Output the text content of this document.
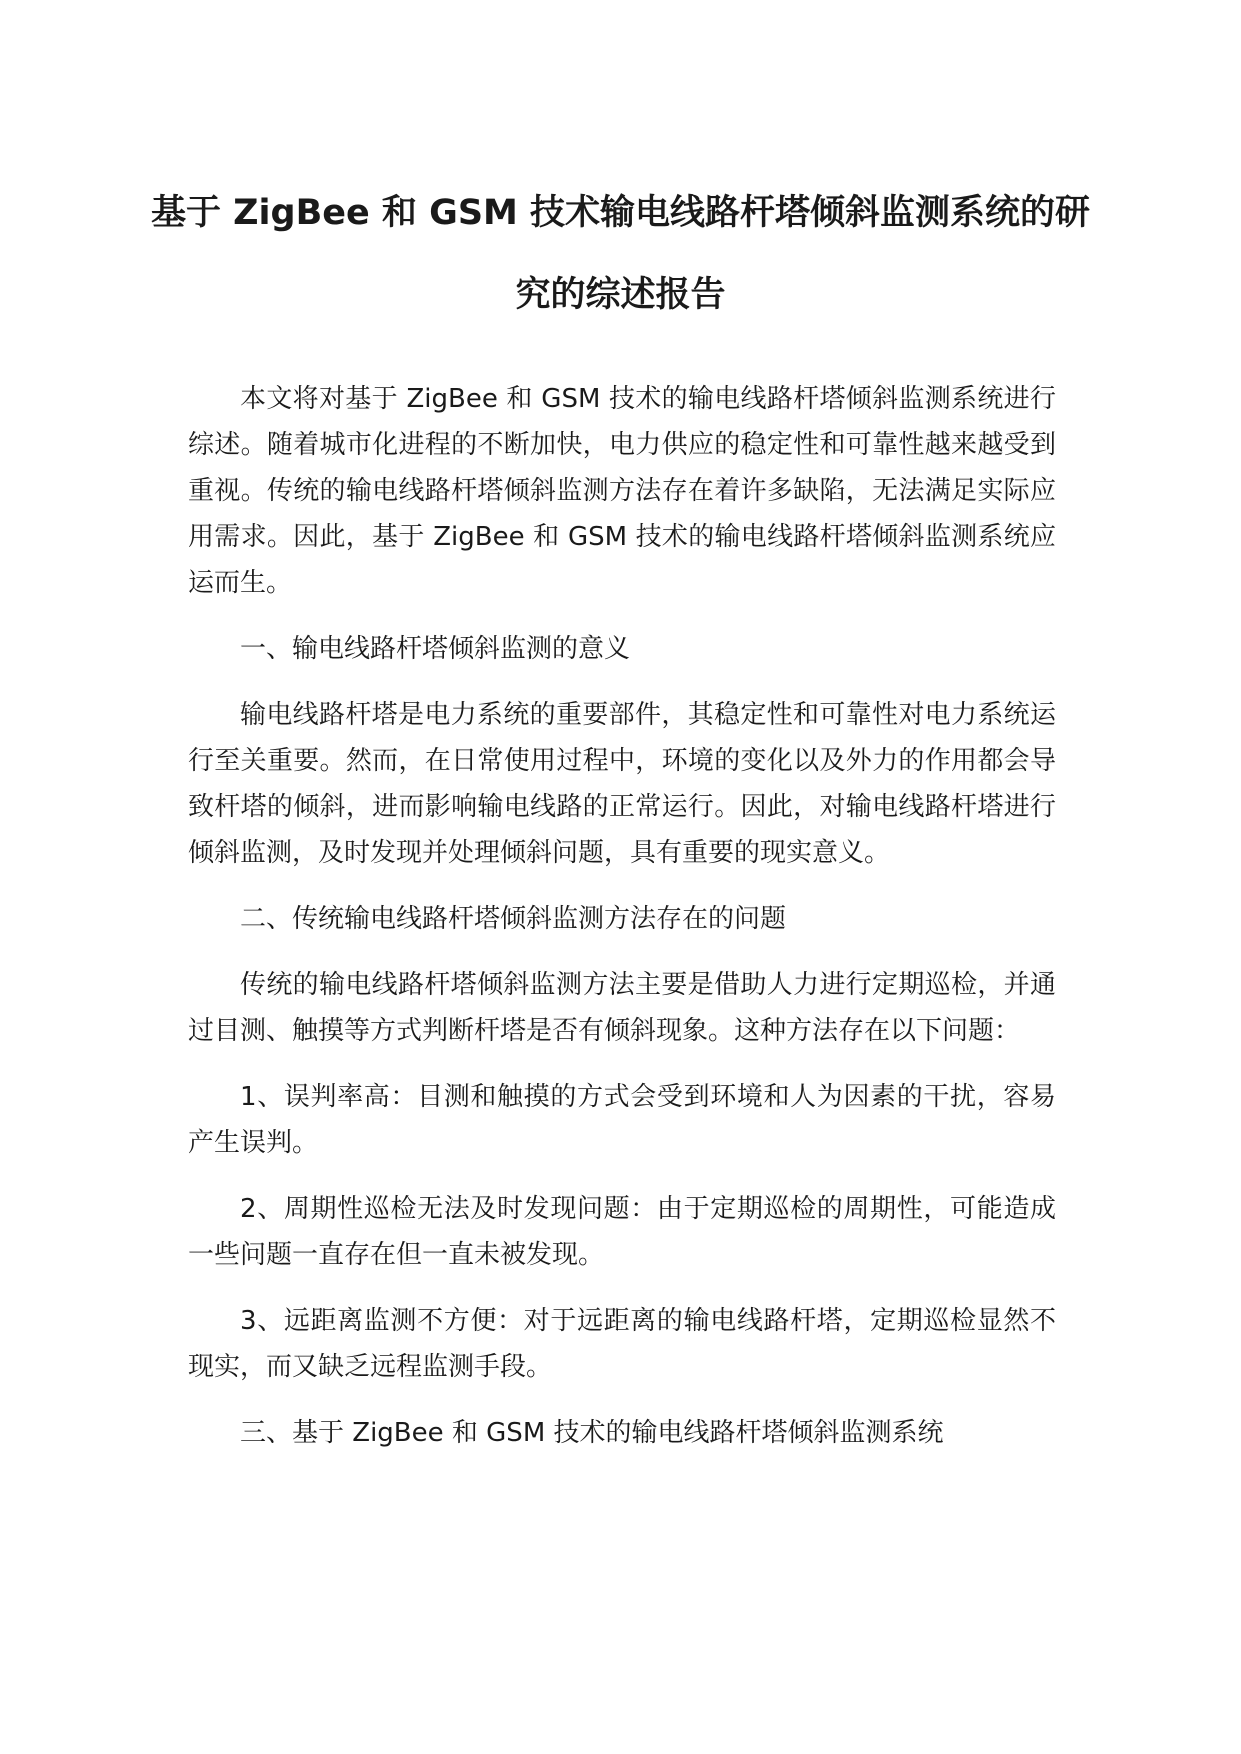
基于 ZigBee 和 GSM 技术输电线路杆塔倾斜监测系统的研究的综述报告

本文将对基于 ZigBee 和 GSM 技术的输电线路杆塔倾斜监测系统进行综述。随着城市化进程的不断加快，电力供应的稳定性和可靠性越来越受到重视。传统的输电线路杆塔倾斜监测方法存在着许多缺陷，无法满足实际应用需求。因此，基于 ZigBee 和 GSM 技术的输电线路杆塔倾斜监测系统应运而生。

一、输电线路杆塔倾斜监测的意义

输电线路杆塔是电力系统的重要部件，其稳定性和可靠性对电力系统运行至关重要。然而，在日常使用过程中，环境的变化以及外力的作用都会导致杆塔的倾斜，进而影响输电线路的正常运行。因此，对输电线路杆塔进行倾斜监测，及时发现并处理倾斜问题，具有重要的现实意义。

二、传统输电线路杆塔倾斜监测方法存在的问题

传统的输电线路杆塔倾斜监测方法主要是借助人力进行定期巡检，并通过目测、触摸等方式判断杆塔是否有倾斜现象。这种方法存在以下问题：

1、误判率高：目测和触摸的方式会受到环境和人为因素的干扰，容易产生误判。

2、周期性巡检无法及时发现问题：由于定期巡检的周期性，可能造成一些问题一直存在但一直未被发现。

3、远距离监测不方便：对于远距离的输电线路杆塔，定期巡检显然不现实，而又缺乏远程监测手段。

三、基于 ZigBee 和 GSM 技术的输电线路杆塔倾斜监测系统
